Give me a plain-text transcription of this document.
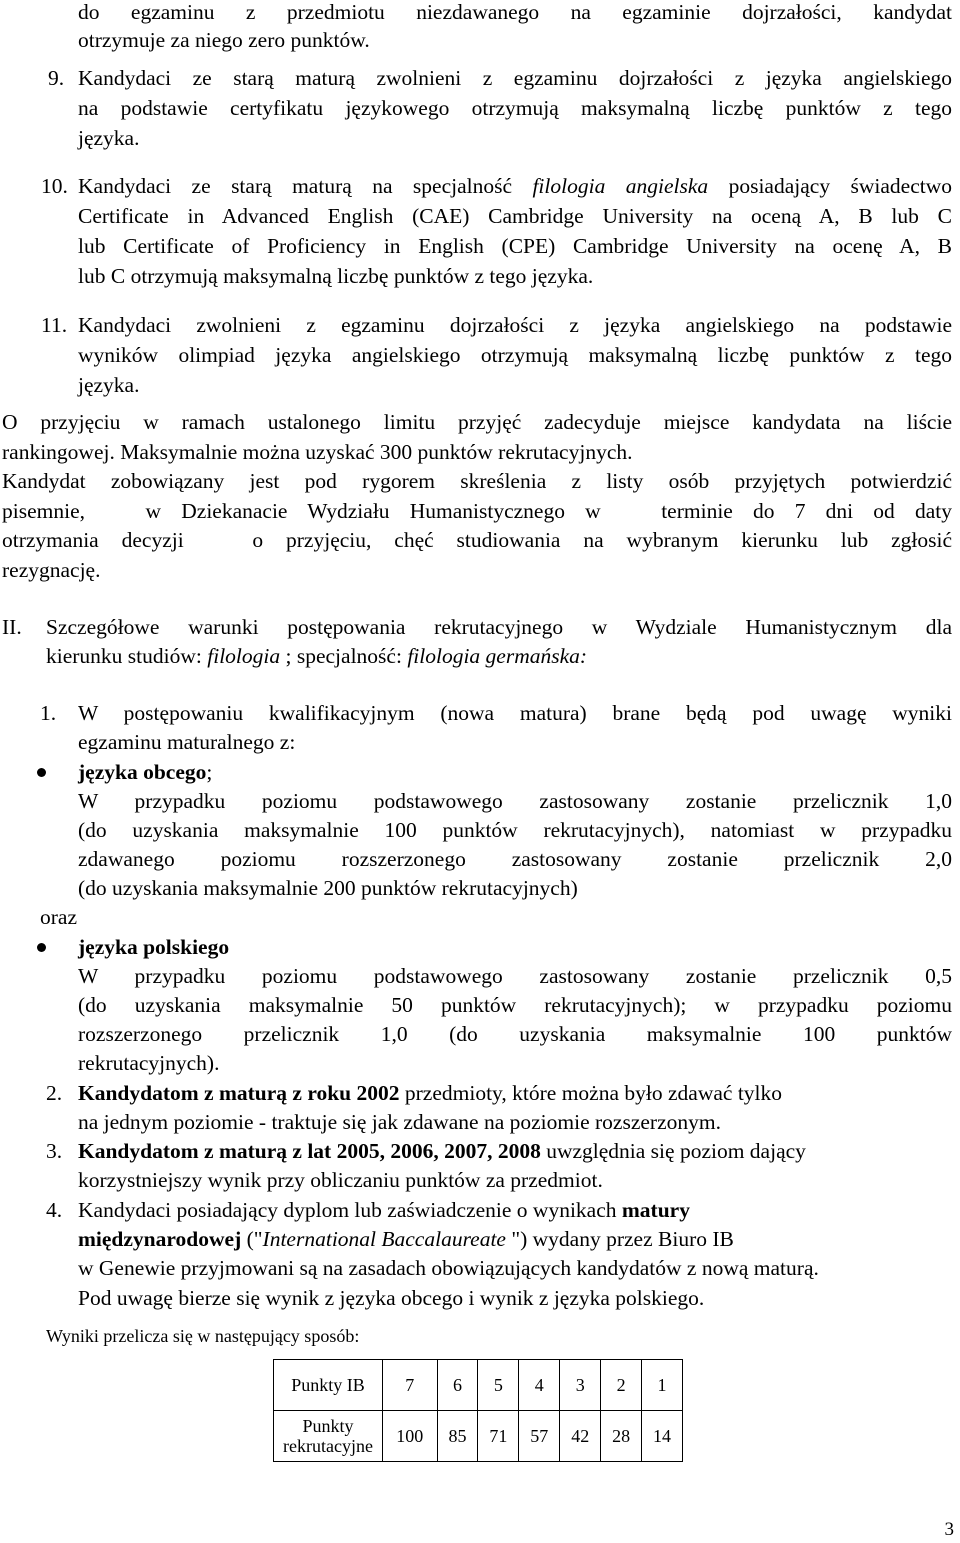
do egzaminu z przedmiotu niezdawanego na egzaminie dojrzałości, kandydat
otrzymuje za niego zero punktów.
9. Kandydaci ze starą maturą zwolnieni z egzaminu dojrzałości z języka angielskiego
na podstawie certyfikatu językowego otrzymują maksymalną liczbę punktów z tego
języka.
10. Kandydaci ze starą maturą na specjalność filologia angielska posiadający świadectwo
Certificate in Advanced English (CAE) Cambridge University na oceną A, B lub C
lub Certificate of Proficiency in English (CPE) Cambridge University na ocenę A, B
lub C otrzymują maksymalną liczbę punktów z tego języka.
11. Kandydaci zwolnieni z egzaminu dojrzałości z języka angielskiego na podstawie
wyników olimpiad języka angielskiego otrzymują maksymalną liczbę punktów z tego
języka.
O przyjęciu w ramach ustalonego limitu przyjęć zadecyduje miejsce kandydata na liście
rankingowej. Maksymalnie można uzyskać 300 punktów rekrutacyjnych.
Kandydat zobowiązany jest pod rygorem skreślenia z listy osób przyjętych potwierdzić
pisemnie,   w Dziekanacie Wydziału Humanistycznego w   terminie do 7 dni od daty
otrzymania decyzji   o przyjęciu, chęć studiowania na wybranym kierunku lub zgłosić
rezygnację.
II. Szczegółowe warunki postępowania rekrutacyjnego w Wydziale Humanistycznym dla
kierunku studiów: filologia ; specjalność: filologia germańska:
1. W postępowaniu kwalifikacyjnym (nowa matura) brane będą pod uwagę wyniki
egzaminu maturalnego z:
języka obcego;
W przypadku poziomu podstawowego zastosowany zostanie przelicznik 1,0
(do uzyskania maksymalnie 100 punktów rekrutacyjnych), natomiast w przypadku
zdawanego poziomu rozszerzonego zastosowany zostanie przelicznik 2,0
(do uzyskania maksymalnie 200 punktów rekrutacyjnych)
oraz
języka polskiego
W przypadku poziomu podstawowego zastosowany zostanie przelicznik 0,5
(do uzyskania maksymalnie 50 punktów rekrutacyjnych); w przypadku poziomu
rozszerzonego przelicznik 1,0 (do uzyskania maksymalnie 100 punktów
rekrutacyjnych).
2. Kandydatom z maturą z roku 2002 przedmioty, które można było zdawać tylko
na jednym poziomie - traktuje się jak zdawane na poziomie rozszerzonym.
3. Kandydatom z maturą z lat 2005, 2006, 2007, 2008 uwzględnia się poziom dający
korzystniejszy wynik przy obliczaniu punktów za przedmiot.
4. Kandydaci posiadający dyplom lub zaświadczenie o wynikach matury
międzynarodowej ("International Baccalaureate ") wydany przez Biuro IB
w Genewie przyjmowani są na zasadach obowiązujących kandydatów z nową maturą.
Pod uwagę bierze się wynik z języka obcego i wynik z języka polskiego.
Wyniki przelicza się w następujący sposób:
Punkty IB	7	6	5	4	3	2	1

Punkty
rekrutacyjne	100	85	71	57	42	28	14
3
